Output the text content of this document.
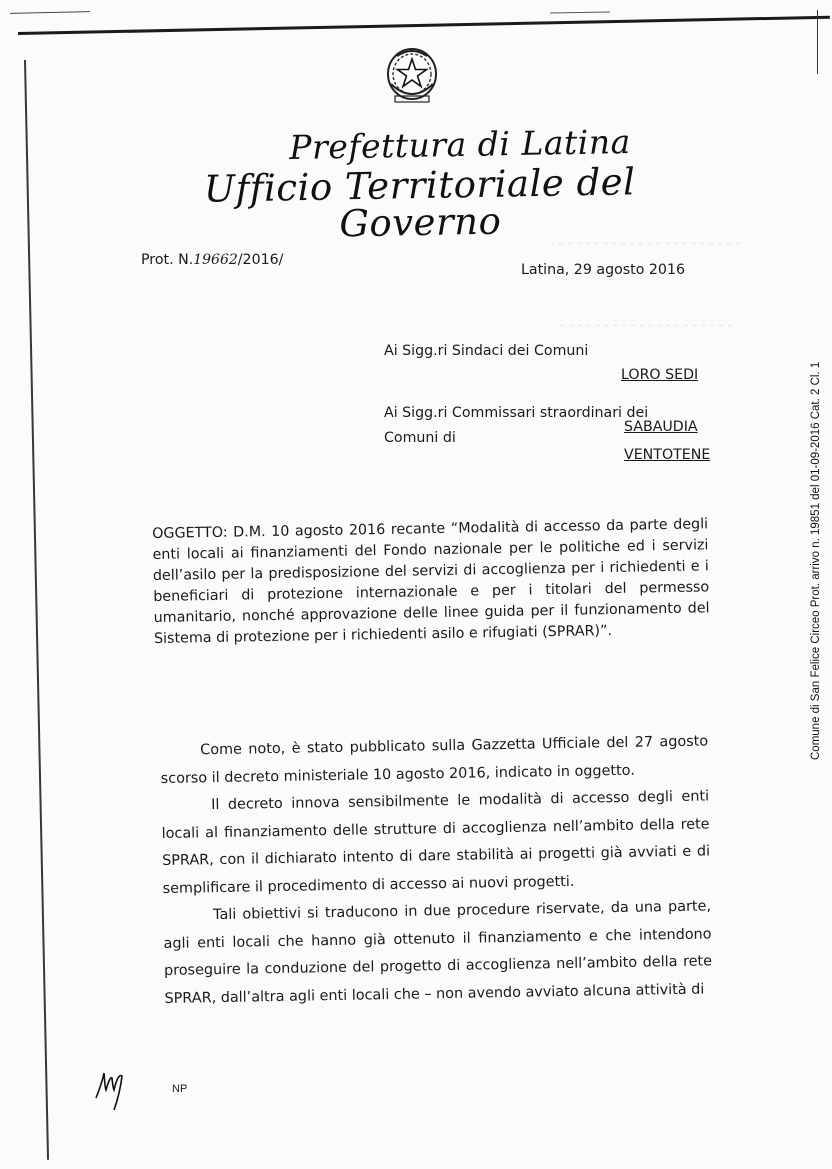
- - - - - - - - - - - - - - - - - - - - - -
- - - - - - - - - - - - - - - - - - - -
Prefettura di Latina
Ufficio Territoriale del Governo
Prot. N.19662/2016/
Latina, 29 agosto 2016
Ai Sigg.ri Sindaci dei Comuni
LORO SEDI
Ai Sigg.ri Commissari straordinari dei
Comuni di
SABAUDIA
VENTOTENE

OGGETTO: D.M. 10 agosto 2016 recante “Modalità di accesso da parte degli enti locali ai finanziamenti del Fondo nazionale per le politiche ed i servizi dell’asilo per la predisposizione del servizi di accoglienza per i richiedenti e i beneficiari di protezione internazionale e per i titolari del permesso umanitario, nonché approvazione delle linee guida per il funzionamento del Sistema di protezione per i richiedenti asilo e rifugiati (SPRAR)”.

Come noto, è stato pubblicato sulla Gazzetta Ufficiale del 27 agosto scorso il decreto ministeriale 10 agosto 2016, indicato in oggetto.

Il decreto innova sensibilmente le modalità di accesso degli enti locali al finanziamento delle strutture di accoglienza nell’ambito della rete SPRAR, con il dichiarato intento di dare stabilità ai progetti già avviati e di semplificare il procedimento di accesso ai nuovi progetti.

Tali obiettivi si traducono in due procedure riservate, da una parte, agli enti locali che hanno già ottenuto il finanziamento e che intendono proseguire la conduzione del progetto di accoglienza nell’ambito della rete SPRAR, dall’altra agli enti locali che – non avendo avviato alcuna attività di

Comune di San Felice Circeo Prot. arrivo n. 19851 del 01-09-2016 Cat. 2 Cl. 1
NP
